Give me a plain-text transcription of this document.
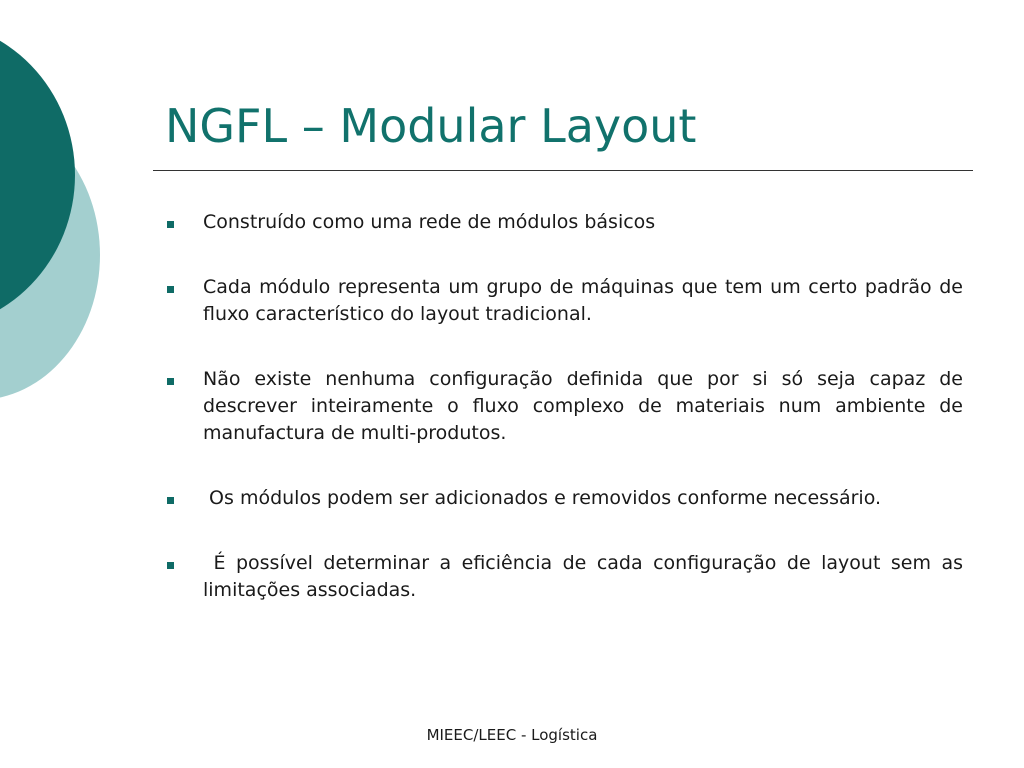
NGFL – Modular Layout
Construído como uma rede de módulos básicos
Cada módulo representa um grupo de máquinas que tem um certo padrão de fluxo característico do layout tradicional.
Não existe nenhuma configuração definida que por si só seja capaz de descrever inteiramente o fluxo complexo de materiais num ambiente de manufactura de multi-produtos.
Os módulos podem ser adicionados e removidos conforme necessário.
É possível determinar a eficiência de cada configuração de layout sem as limitações associadas.
MIEEC/LEEC - Logística
